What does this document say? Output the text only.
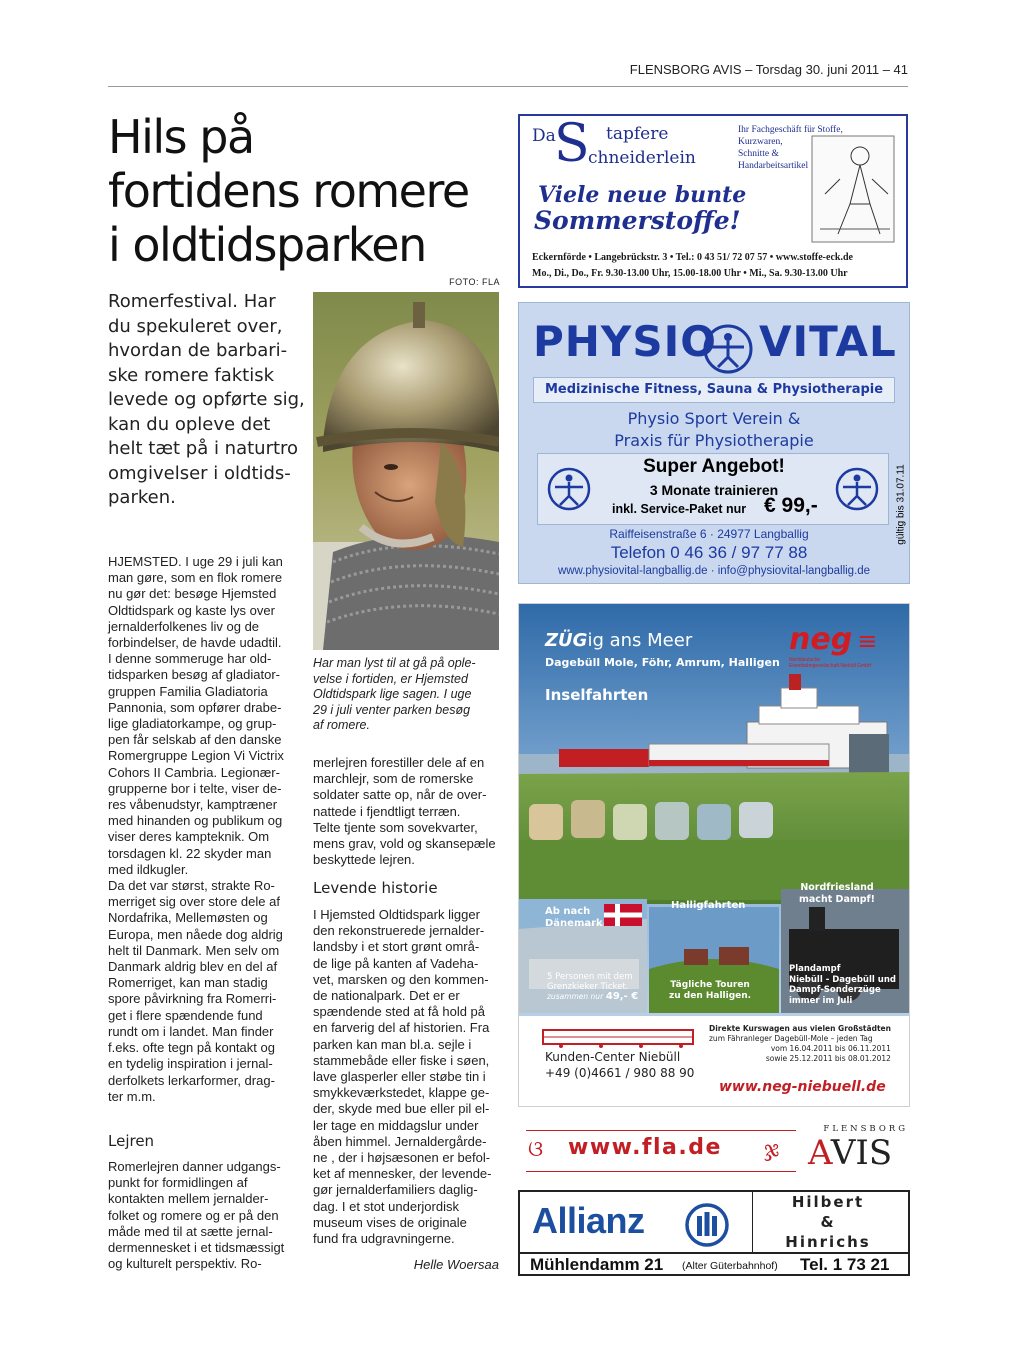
FLENSBORG AVIS – Torsdag 30. juni 2011 – 41
Hils på
fortidens romere
i oldtidsparken
FOTO: FLA

Romerfestival. Har
du spekuleret over,
hvordan de barbari-
ske romere faktisk
levede og opførte sig,
kan du opleve det
helt tæt på i naturtro
omgivelser i oldtids-
parken.

Har man lyst til at gå på ople-
velse i fortiden, er Hjemsted
Oldtidspark lige sagen. I uge
29 i juli venter parken besøg
af romere.

HJEMSTED. I uge 29 i juli kan
man gøre, som en flok romere
nu gør det: besøge Hjemsted
Oldtidspark og kaste lys over
jernalderfolkenes liv og de
forbindelser, de havde udadtil.
I denne sommeruge har old-
tidsparken besøg af gladiator-
gruppen Familia Gladiatoria
Pannonia, som opfører drabe-
lige gladiatorkampe, og grup-
pen får selskab af den danske
Romergruppe Legion Vi Victrix
Cohors II Cambria. Legionær-
grupperne bor i telte, viser de-
res våbenudstyr, kamptræner
med hinanden og publikum og
viser deres kampteknik. Om
torsdagen kl. 22 skyder man
med ildkugler.
Da det var størst, strakte Ro-
merriget sig over store dele af
Nordafrika, Mellemøsten og
Europa, men nåede dog aldrig
helt til Danmark. Men selv om
Danmark aldrig blev en del af
Romerriget, kan man stadig
spore påvirkning fra Romerri-
get i flere spændende fund
rundt om i landet. Man finder
f.eks. ofte tegn på kontakt og
en tydelig inspiration i jernal-
derfolkets lerkarformer, drag-
ter m.m.

Lejren

Romerlejren danner udgangs-
punkt for formidlingen af
kontakten mellem jernalder-
folket og romere og er på den
måde med til at sætte jernal-
dermennesket i et tidsmæssigt
og kulturelt perspektiv. Ro-

merlejren forestiller dele af en
marchlejr, som de romerske
soldater satte op, når de over-
nattede i fjendtligt terræn.
Telte tjente som sovekvarter,
mens grav, vold og skansepæle
beskyttede lejren.

Levende historie

I Hjemsted Oldtidspark ligger
den rekonstruerede jernalder-
landsby i et stort grønt områ-
de lige på kanten af Vadeha-
vet, marsken og den kommen-
de nationalpark. Det er er
spændende sted at få hold på
en farverig del af historien. Fra
parken kan man bl.a. sejle i
stammebåde eller fiske i søen,
lave glasperler eller støbe tin i
smykkeværkstedet, klappe ge-
der, skyde med bue eller pil el-
ler tage en middagslur under
åben himmel. Jernaldergårde-
ne , der i højsæsonen er befol-
ket af mennesker, der levende-
gør jernalderfamiliers daglig-
dag. I et stot underjordisk
museum vises de originale
fund fra udgravningerne.

Helle Woersaa
Da
S tapfere
chneiderlein
Ihr Fachgeschäft für Stoffe,
Kurzwaren,
Schnitte &
Handarbeitsartikel
Viele neue bunte
Sommerstoffe!
Eckernförde • Langebrückstr. 3 • Tel.: 0 43 51/ 72 07 57 • www.stoffe-eck.de
Mo., Di., Do., Fr. 9.30-13.00 Uhr, 15.00-18.00 Uhr • Mi., Sa. 9.30-13.00 Uhr
PHYSIO VITAL
Medizinische Fitness, Sauna & Physiotherapie
Physio Sport Verein &
Praxis für Physiotherapie
Super Angebot!
3 Monate trainieren
inkl. Service-Paket nur € 99,-	gültig bis 31.07.11
Raiffeisenstraße 6 · 24977 Langballig
Telefon 0 46 36 / 97 77 88
www.physiovital-langballig.de · info@physiovital-langballig.de
ZÜGig ans Meer
Dagebüll Mole, Föhr, Amrum, Halligen
Inselfahrten
neg ≡
Norddeutsche
Eisenbahngesellschaft Niebüll GmbH
Ab nach
Dänemark
5 Personen mit dem
Grenzkieker Ticket.
zusammen nur 49,- €
Halligfahrten
Tägliche Touren
zu den Halligen.
Nordfriesland
macht Dampf!
Plandampf
Niebüll - Dagebüll und
Dampf-Sonderzüge
immer im Juli
Direkte Kurswagen aus vielen Großstädten
zum Fähranleger Dagebüll-Mole – jeden Tag
vom 16.04.2011 bis 06.11.2011
sowie 25.12.2011 bis 08.01.2012
Kunden-Center Niebüll
+49 (0)4661 / 980 88 90
www.neg-niebuell.de
ଓ www.fla.de ჯ
FLENSBORG
AVIS
Allianz	Hilbert
&
Hinrichs
Mühlendamm 21 (Alter Güterbahnhof) Tel. 1 73 21
